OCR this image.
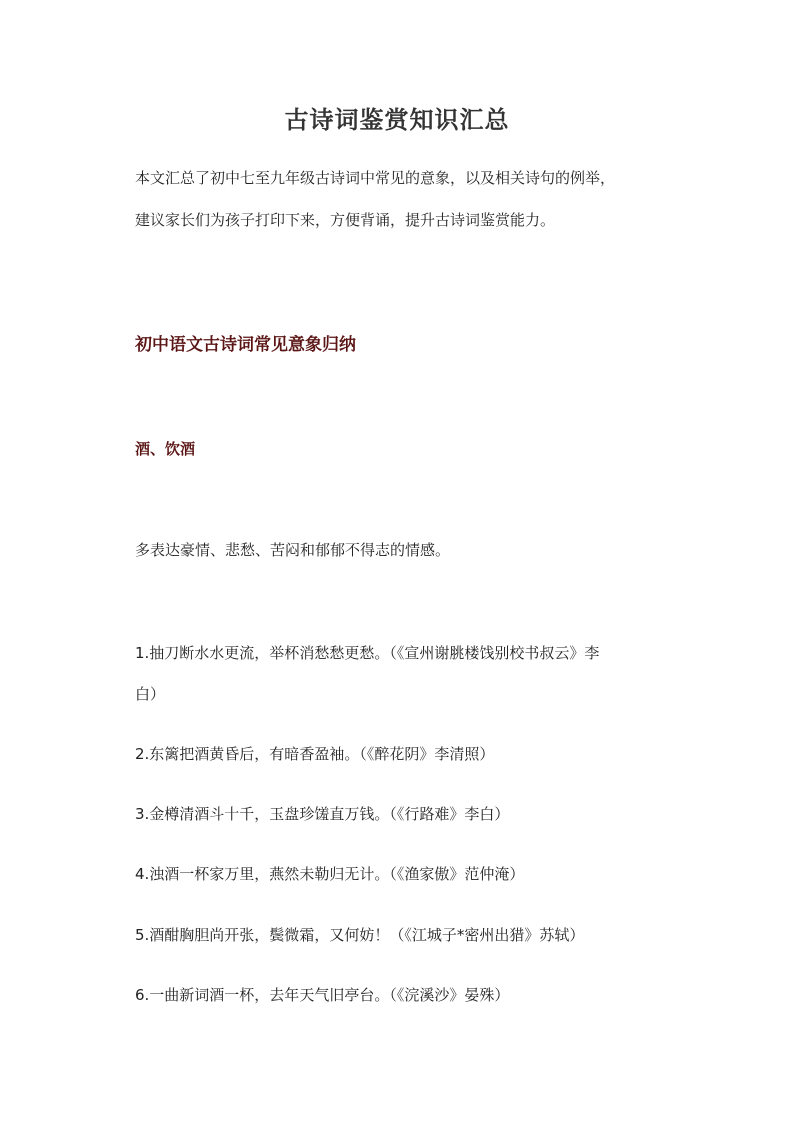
古诗词鉴赏知识汇总

本文汇总了初中七至九年级古诗词中常见的意象，以及相关诗句的例举，

建议家长们为孩子打印下来，方便背诵，提升古诗词鉴赏能力。

初中语文古诗词常见意象归纳
酒、饮酒

多表达豪情、悲愁、苦闷和郁郁不得志的情感。

1.抽刀断水水更流，举杯消愁愁更愁。（《宣州谢脁楼饯别校书叔云》李

白）

2.东篱把酒黄昏后，有暗香盈袖。（《醉花阴》李清照）

3.金樽清酒斗十千，玉盘珍馐直万钱。（《行路难》李白）

4.浊酒一杯家万里，燕然未勒归无计。（《渔家傲》范仲淹）

5.酒酣胸胆尚开张，鬓微霜，又何妨！（《江城子*密州出猎》苏轼）

6.一曲新词酒一杯，去年天气旧亭台。（《浣溪沙》晏殊）
